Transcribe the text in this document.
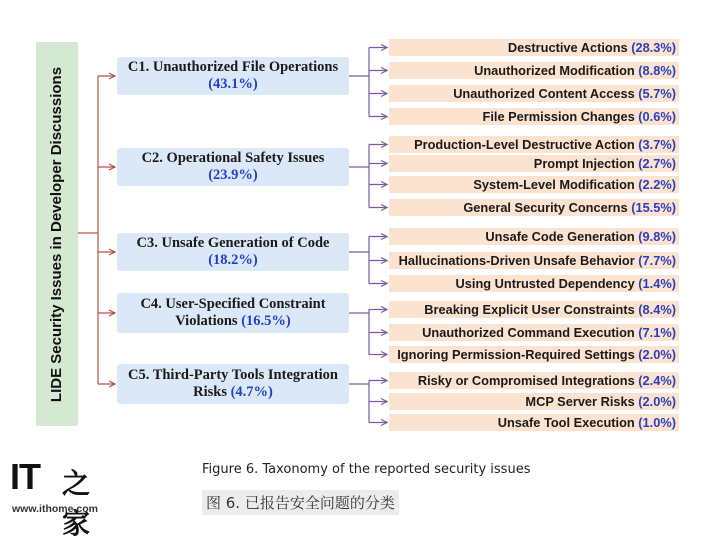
LIDE Security Issues in Developer Discussions	C1. Unauthorized File Operations
(43.1%)
Destructive Actions (28.3%)
Unauthorized Modification (8.8%)
Unauthorized Content Access (5.7%)
File Permission Changes (0.6%)
C2. Operational Safety Issues
(23.9%)
Production-Level Destructive Action (3.7%)
Prompt Injection (2.7%)
System-Level Modification (2.2%)
General Security Concerns (15.5%)
C3. Unsafe Generation of Code
(18.2%)
Unsafe Code Generation (9.8%)
Hallucinations-Driven Unsafe Behavior (7.7%)
Using Untrusted Dependency (1.4%)
C4. User-Specified Constraint
Violations (16.5%)
Breaking Explicit User Constraints (8.4%)
Unauthorized Command Execution (7.1%)
Ignoring Permission-Required Settings (2.0%)
C5. Third-Party Tools Integration
Risks (4.7%)
Risky or Compromised Integrations (2.4%)
MCP Server Risks (2.0%)
Unsafe Tool Execution (1.0%)
IT 之家
www.ithome.com
Figure 6. Taxonomy of the reported security issues
图 6. 已报告安全问题的分类
